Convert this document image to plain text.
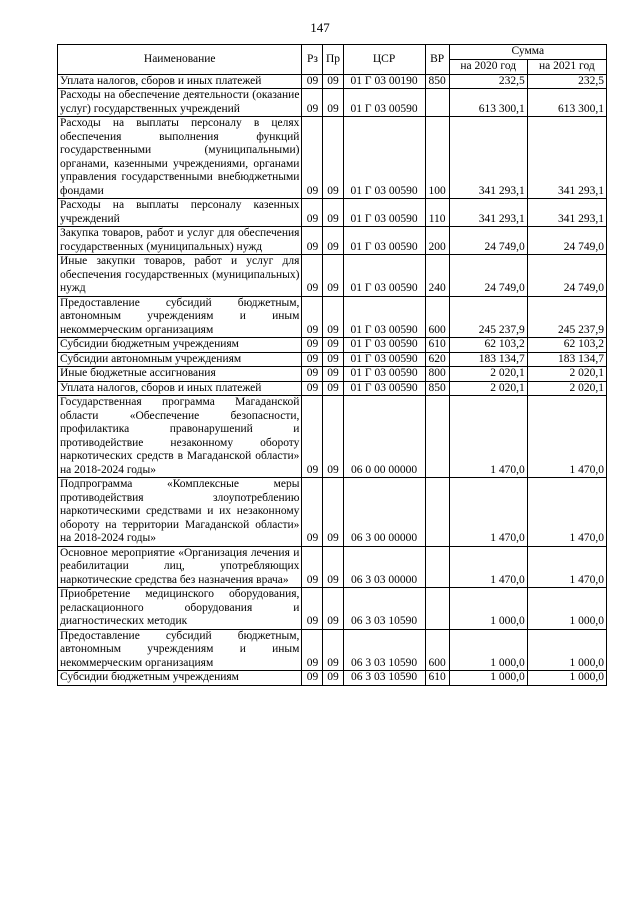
147
Наименование	Рз	Пр	ЦСР	ВР	Сумма	
					на 2020 год	на 2021 год
Уплата налогов, сборов и иных платежей	09	09	01 Г 03 00190	850	232,5	232,5
Расходы на обеспечение деятельности (оказание услуг) государственных учреждений	09	09	01 Г 03 00590		613 300,1	613 300,1
Расходы на выплаты персоналу в целях обеспечения выполнения функций государственными (муниципальными) органами, казенными учреждениями, органами управления государственными внебюджетными фондами	09	09	01 Г 03 00590	100	341 293,1	341 293,1
Расходы на выплаты персоналу казенных учреждений	09	09	01 Г 03 00590	110	341 293,1	341 293,1
Закупка товаров, работ и услуг для обеспечения государственных (муниципальных) нужд	09	09	01 Г 03 00590	200	24 749,0	24 749,0
Иные закупки товаров, работ и услуг для обеспечения государственных (муниципальных) нужд	09	09	01 Г 03 00590	240	24 749,0	24 749,0
Предоставление субсидий бюджетным, автономным учреждениям и иным некоммерческим организациям	09	09	01 Г 03 00590	600	245 237,9	245 237,9
Субсидии бюджетным учреждениям	09	09	01 Г 03 00590	610	62 103,2	62 103,2
Субсидии автономным учреждениям	09	09	01 Г 03 00590	620	183 134,7	183 134,7
Иные бюджетные ассигнования	09	09	01 Г 03 00590	800	2 020,1	2 020,1
Уплата налогов, сборов и иных платежей	09	09	01 Г 03 00590	850	2 020,1	2 020,1
Государственная программа Магаданской области «Обеспечение безопасности, профилактика правонарушений и противодействие незаконному обороту наркотических средств в Магаданской области» на 2018-2024 годы»	09	09	06 0 00 00000		1 470,0	1 470,0
Подпрограмма «Комплексные меры противодействия злоупотреблению наркотическими средствами и их незаконному обороту на территории Магаданской области» на 2018-2024 годы»	09	09	06 3 00 00000		1 470,0	1 470,0
Основное мероприятие «Организация лечения и реабилитации лиц, употребляющих наркотические средства без назначения врача»	09	09	06 3 03 00000		1 470,0	1 470,0
Приобретение медицинского оборудования, реласкационного оборудования и диагностических методик	09	09	06 3 03 10590		1 000,0	1 000,0
Предоставление субсидий бюджетным, автономным учреждениям и иным некоммерческим организациям	09	09	06 3 03 10590	600	1 000,0	1 000,0
Субсидии бюджетным учреждениям	09	09	06 3 03 10590	610	1 000,0	1 000,0
